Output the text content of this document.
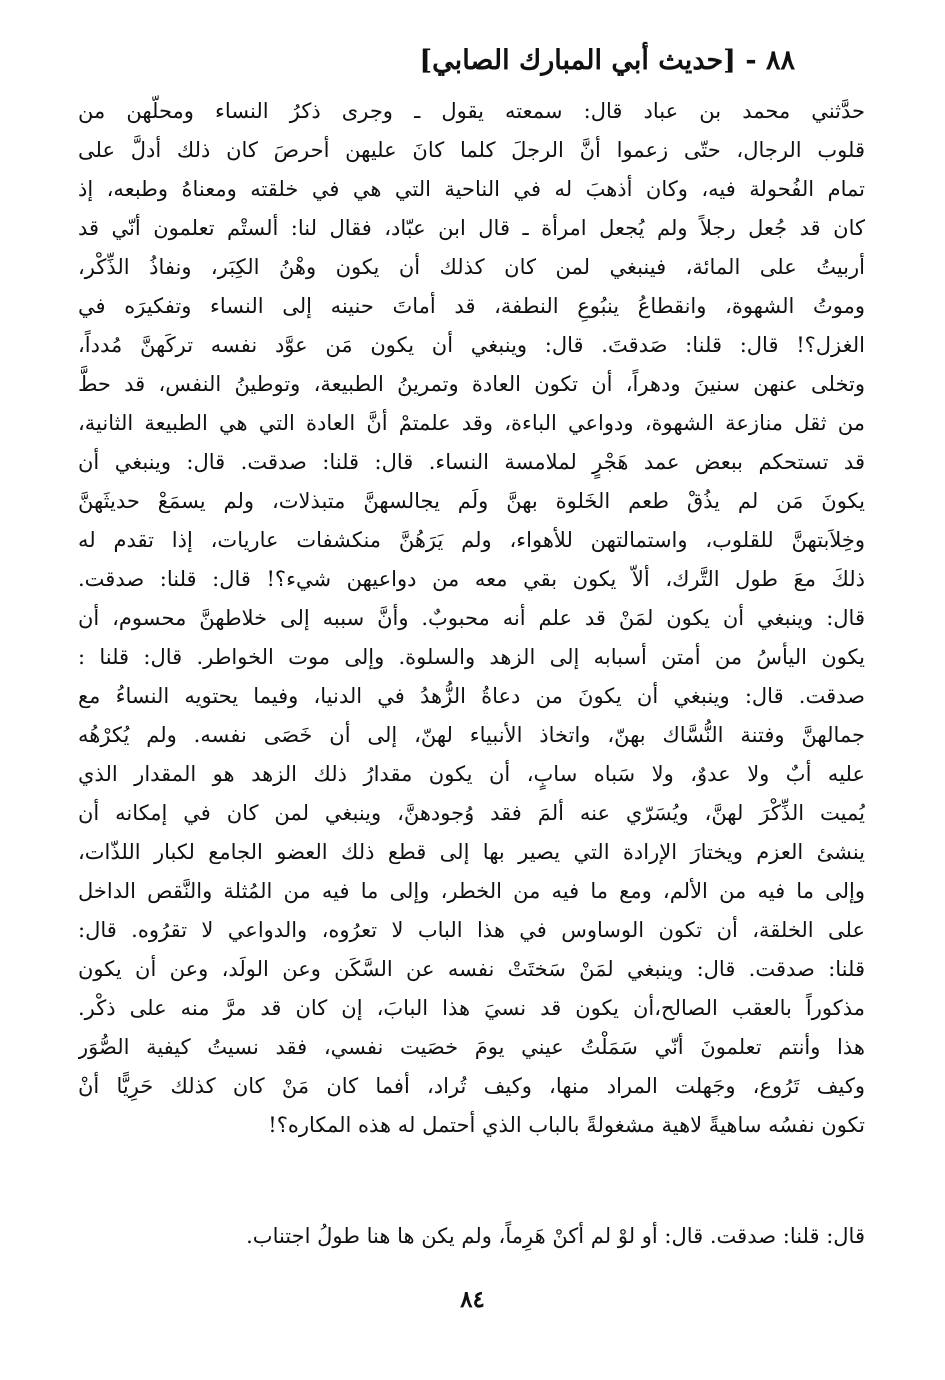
٨٨ - [حديث أبي المبارك الصابي]
حدَّثني محمد بن عباد قال: سمعته يقول ـ وجرى ذكرُ النساء ومحلّهن من
قلوب الرجال، حتّى زعموا أنَّ الرجلَ كلما كانَ عليهن أحرصَ كان ذلك أدلَّ على
تمام الفُحولة فيه، وكان أذهبَ له في الناحية التي هي في خلقته ومعناهُ وطبعه، إذ
كان قد جُعل رجلاً ولم يُجعل امرأة ـ قال ابن عبّاد، فقال لنا: ألستْم تعلمون أنّي قد
أربيتُ على المائة، فينبغي لمن كان كذلك أن يكون وهْنُ الكِبَر، ونفاذُ الذِّكْر،
وموتُ الشهوة، وانقطاعُ ينبُوعِ النطفة، قد أماتَ حنينه إلى النساء وتفكيرَه في
الغزل؟! قال: قلنا: صَدقتَ. قال: وينبغي أن يكون مَن عوَّد نفسه تركَهنَّ مُدداً،
وتخلى عنهن سنينَ ودهراً، أن تكون العادة وتمرينُ الطبيعة، وتوطينُ النفس، قد حطَّ
من ثقل منازعة الشهوة، ودواعي الباءة، وقد علمتمْ أنَّ العادة التي هي الطبيعة الثانية،
قد تستحكم ببعض عمد هَجْرٍ لملامسة النساء. قال: قلنا: صدقت. قال: وينبغي أن
يكونَ مَن لم يذُقْ طعم الخَلوة بهنَّ ولَم يجالسهنَّ متبذلات، ولم يسمَعْ حديثَهنَّ
وخِلاَبتهنَّ للقلوب، واستمالتهن للأهواء، ولم يَرَهُنَّ منكشفات عاريات، إذا تقدم له
ذلكَ معَ طول التَّرك، ألاّ يكون بقي معه من دواعيهن شيء؟! قال: قلنا: صدقت.
قال: وينبغي أن يكون لمَنْ قد علم أنه محبوبٌ. وأنَّ سببه إلى خلاطهنَّ محسوم، أن
يكون اليأسُ من أمتن أسبابه إلى الزهد والسلوة. وإلى موت الخواطر. قال: قلنا :
صدقت. قال: وينبغي أن يكونَ من دعاةُ الزُّهدُ في الدنيا، وفيما يحتويه النساءُ مع
جمالهنَّ وفتنة النُّسَّاك بهنّ، واتخاذ الأنبياء لهنّ، إلى أن خَصَى نفسه. ولم يُكرْهُه
عليه أبٌ ولا عدوٌ، ولا سَباه سابٍ، أن يكون مقدارُ ذلك الزهد هو المقدار الذي
يُميت الذِّكْرَ لهنَّ، ويُسَرّي عنه ألمَ فقد وُجودهنَّ، وينبغي لمن كان في إمكانه أن
ينشئ العزم ويختارَ الإرادة التي يصير بها إلى قطع ذلك العضو الجامع لكبار اللذّات،
وإلى ما فيه من الألم، ومع ما فيه من الخطر، وإلى ما فيه من المُثلة والنَّقص الداخل
على الخلقة، أن تكون الوساوس في هذا الباب لا تعرُوه، والدواعي لا تقرُوه. قال:
قلنا: صدقت. قال: وينبغي لمَنْ سَختَتْ نفسه عن السَّكَن وعن الولَد، وعن أن يكون
مذكوراً بالعقب الصالح،أن يكون قد نسيَ هذا البابَ، إن كان قد مرَّ منه على ذكْر.
هذا وأنتم تعلمونَ أنّي سَمَلْتُ عيني يومَ خصَيت نفسي، فقد نسيتُ كيفية الصُّوَر
وكيف تَرُوع، وجَهلت المراد منها، وكيف تُراد، أفما كان مَنْ كان كذلك حَرِيًّا أنْ
تكون نفسُه ساهيةً لاهية مشغولةً بالباب الذي أحتمل له هذه المكاره؟!
قال: قلنا: صدقت. قال: أو لوْ لم أكنْ هَرِماً، ولم يكن ها هنا طولُ اجتناب.
٨٤
